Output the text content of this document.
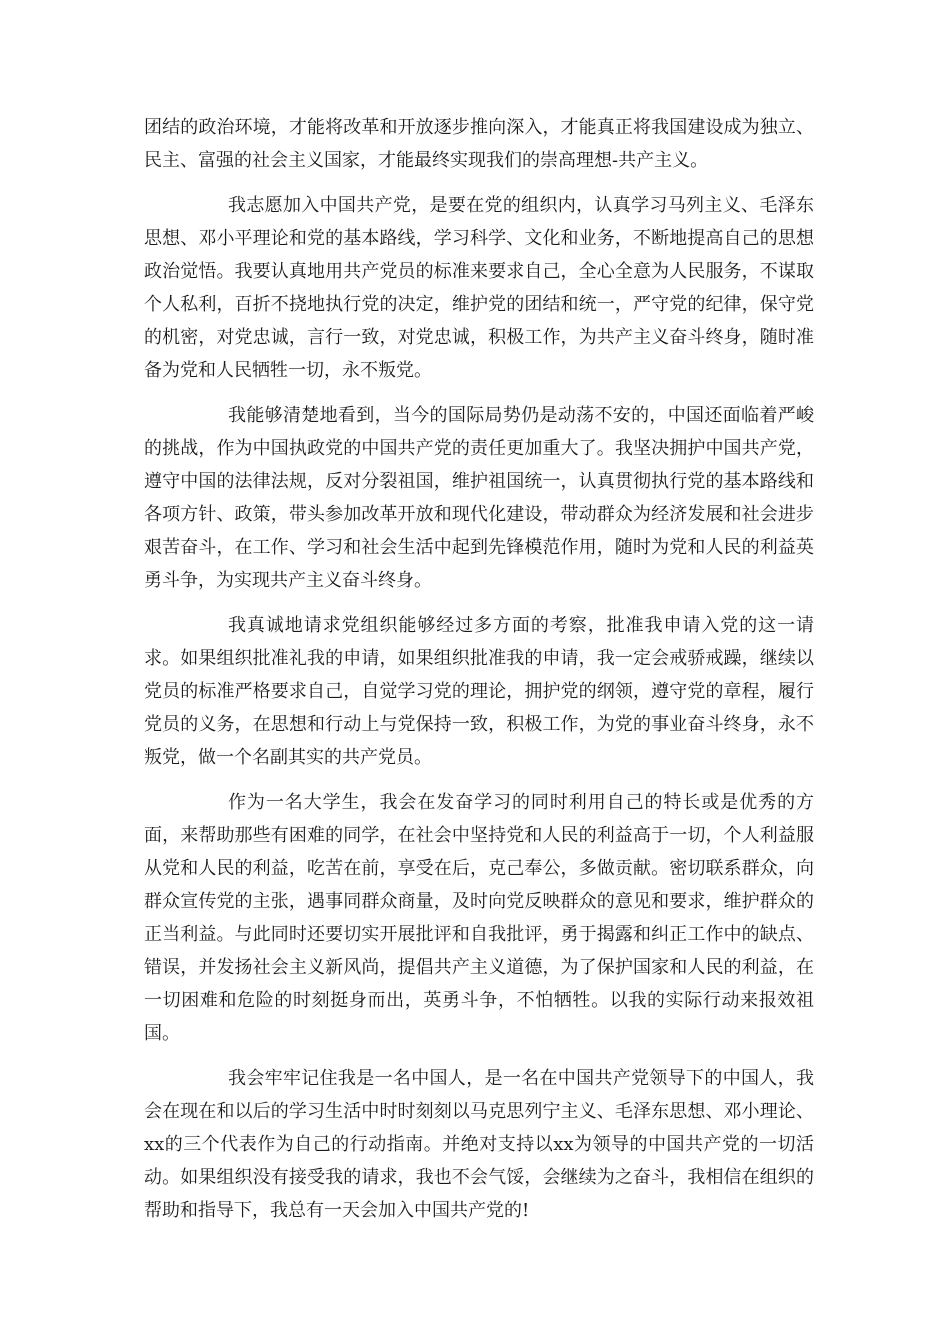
团结的政治环境，才能将改革和开放逐步推向深入，才能真正将我国建设成为独立、民主、富强的社会主义国家，才能最终实现我们的崇高理想-共产主义。

我志愿加入中国共产党，是要在党的组织内，认真学习马列主义、毛泽东思想、邓小平理论和党的基本路线，学习科学、文化和业务，不断地提高自己的思想政治觉悟。我要认真地用共产党员的标准来要求自己，全心全意为人民服务，不谋取个人私利，百折不挠地执行党的决定，维护党的团结和统一，严守党的纪律，保守党的机密，对党忠诚，言行一致，对党忠诚，积极工作，为共产主义奋斗终身，随时准备为党和人民牺牲一切，永不叛党。

我能够清楚地看到，当今的国际局势仍是动荡不安的，中国还面临着严峻的挑战，作为中国执政党的中国共产党的责任更加重大了。我坚决拥护中国共产党，遵守中国的法律法规，反对分裂祖国，维护祖国统一，认真贯彻执行党的基本路线和各项方针、政策，带头参加改革开放和现代化建设，带动群众为经济发展和社会进步艰苦奋斗，在工作、学习和社会生活中起到先锋模范作用，随时为党和人民的利益英勇斗争，为实现共产主义奋斗终身。

我真诚地请求党组织能够经过多方面的考察，批准我申请入党的这一请求。如果组织批准礼我的申请，如果组织批准我的申请，我一定会戒骄戒躁，继续以党员的标准严格要求自己，自觉学习党的理论，拥护党的纲领，遵守党的章程，履行党员的义务，在思想和行动上与党保持一致，积极工作，为党的事业奋斗终身，永不叛党，做一个名副其实的共产党员。

作为一名大学生，我会在发奋学习的同时利用自己的特长或是优秀的方面，来帮助那些有困难的同学，在社会中坚持党和人民的利益高于一切，个人利益服从党和人民的利益，吃苦在前，享受在后，克己奉公，多做贡献。密切联系群众，向群众宣传党的主张，遇事同群众商量，及时向党反映群众的意见和要求，维护群众的正当利益。与此同时还要切实开展批评和自我批评，勇于揭露和纠正工作中的缺点、错误，并发扬社会主义新风尚，提倡共产主义道德，为了保护国家和人民的利益，在一切困难和危险的时刻挺身而出，英勇斗争，不怕牺牲。以我的实际行动来报效祖国。

我会牢牢记住我是一名中国人，是一名在中国共产党领导下的中国人，我会在现在和以后的学习生活中时时刻刻以马克思列宁主义、毛泽东思想、邓小理论、xx的三个代表作为自己的行动指南。并绝对支持以xx为领导的中国共产党的一切活动。如果组织没有接受我的请求，我也不会气馁，会继续为之奋斗，我相信在组织的帮助和指导下，我总有一天会加入中国共产党的!
